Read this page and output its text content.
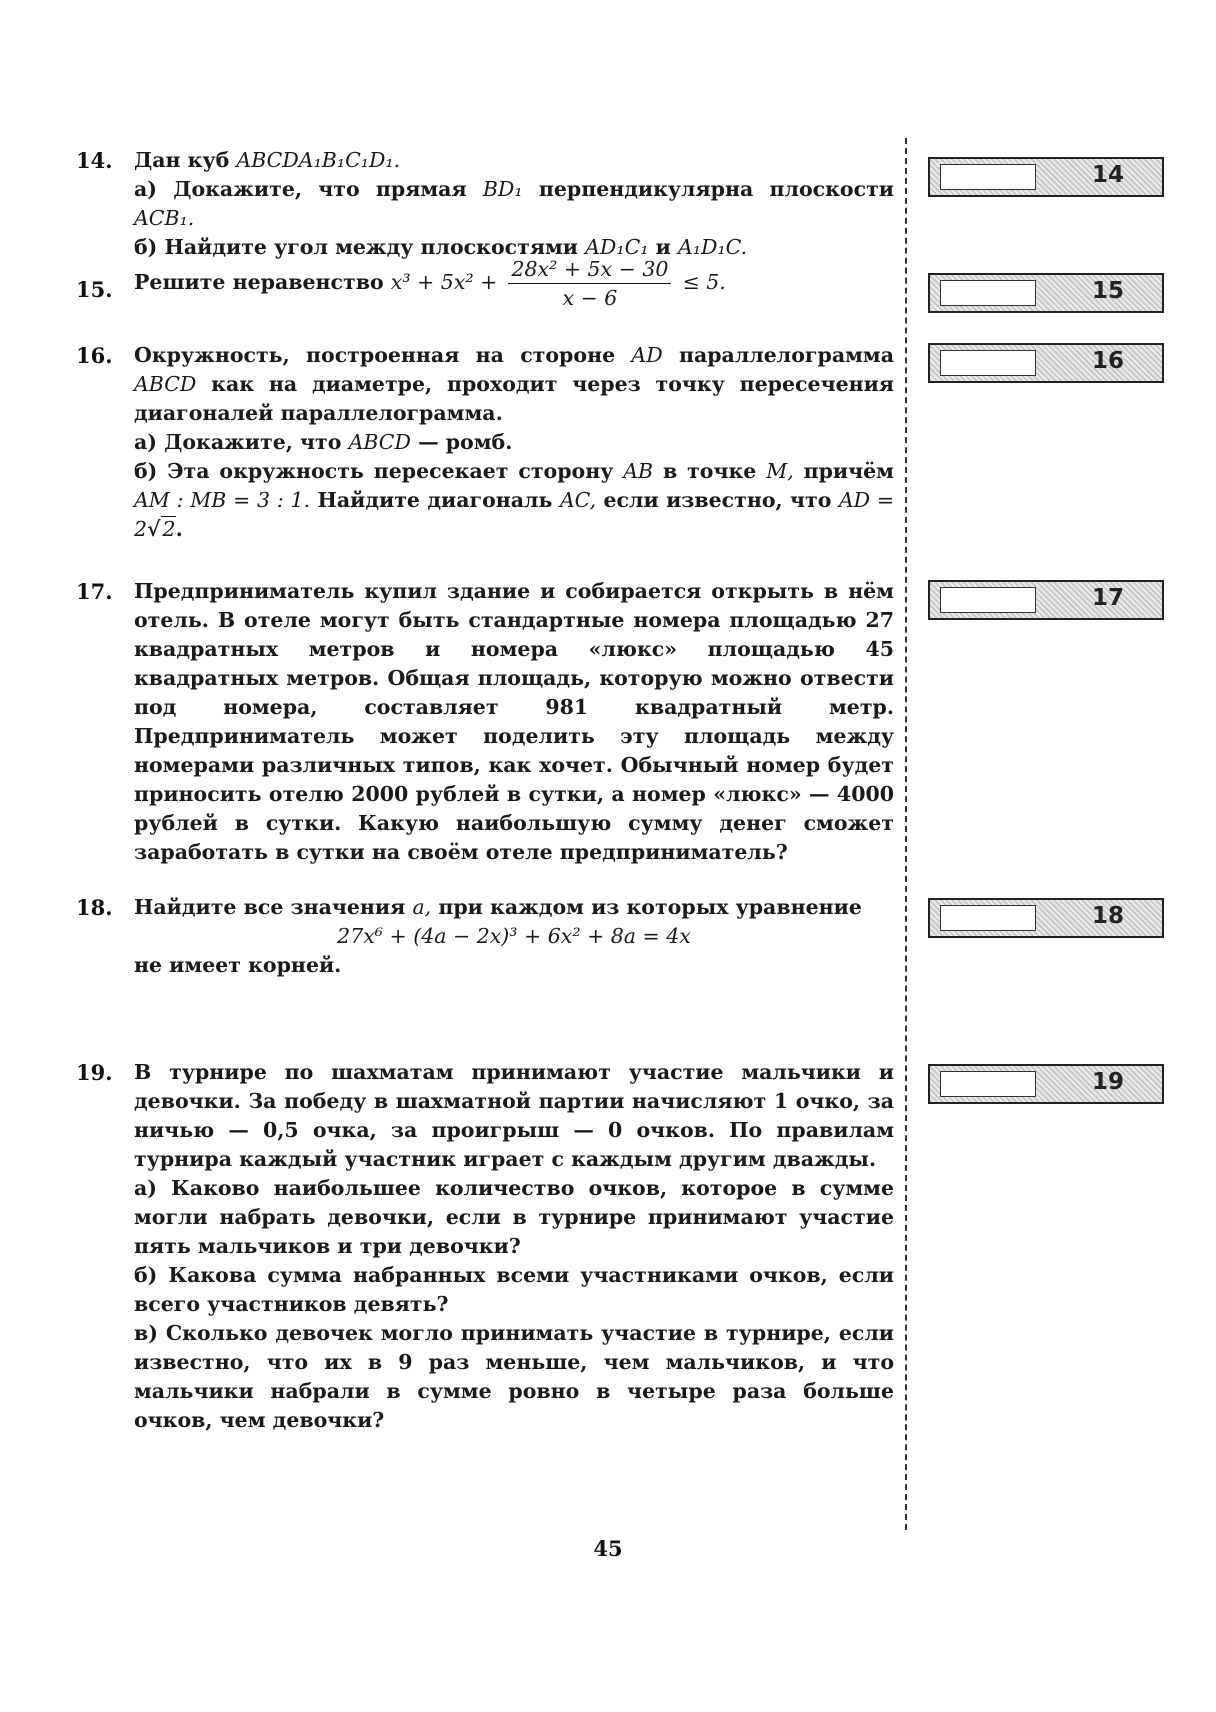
14. Дан куб ABCDA₁B₁C₁D₁.

а) Докажите, что прямая BD₁ перпендикулярна плоскости ACB₁.

б) Найдите угол между плоскостями AD₁C₁ и A₁D₁C.

15. Решите неравенство $x^3 + 5x^2 + \frac{\text{28x² + 5x − 30}}{x - 6} \le 5$.
16. Окружность, построенная на стороне AD параллелограмма ABCD как на диаметре, проходит через точку пересечения диагоналей параллелограмма.

а) Докажите, что ABCD — ромб.

б) Эта окружность пересекает сторону AB в точке M, причём AM : MB = 3 : 1. Найдите диагональ AC, если известно, что AD = 2√2.

17. Предприниматель купил здание и собирается открыть в нём отель. В отеле могут быть стандартные номера площадью 27 квадратных метров и номера «люкс» площадью 45 квадратных метров. Общая площадь, которую можно отвести под номера, составляет 981 квадратный метр. Предприниматель может поделить эту площадь между номерами различных типов, как хочет. Обычный номер будет приносить отелю 2000 рублей в сутки, а номер «люкс» — 4000 рублей в сутки. Какую наибольшую сумму денег сможет заработать в сутки на своём отеле предприниматель?

18. Найдите все значения a, при каждом из которых уравнение

27x⁶ + (4a − 2x)³ + 6x² + 8a = 4x

не имеет корней.

19. В турнире по шахматам принимают участие мальчики и девочки. За победу в шахматной партии начисляют 1 очко, за ничью — 0,5 очка, за проигрыш — 0 очков. По правилам турнира каждый участник играет с каждым другим дважды.

а) Каково наибольшее количество очков, которое в сумме могли набрать девочки, если в турнире принимают участие пять мальчиков и три девочки?

б) Какова сумма набранных всеми участниками очков, если всего участников девять?

в) Сколько девочек могло принимать участие в турнире, если известно, что их в 9 раз меньше, чем мальчиков, и что мальчики набрали в сумме ровно в четыре раза больше очков, чем девочки?

14
15
16
17
18
19
45
